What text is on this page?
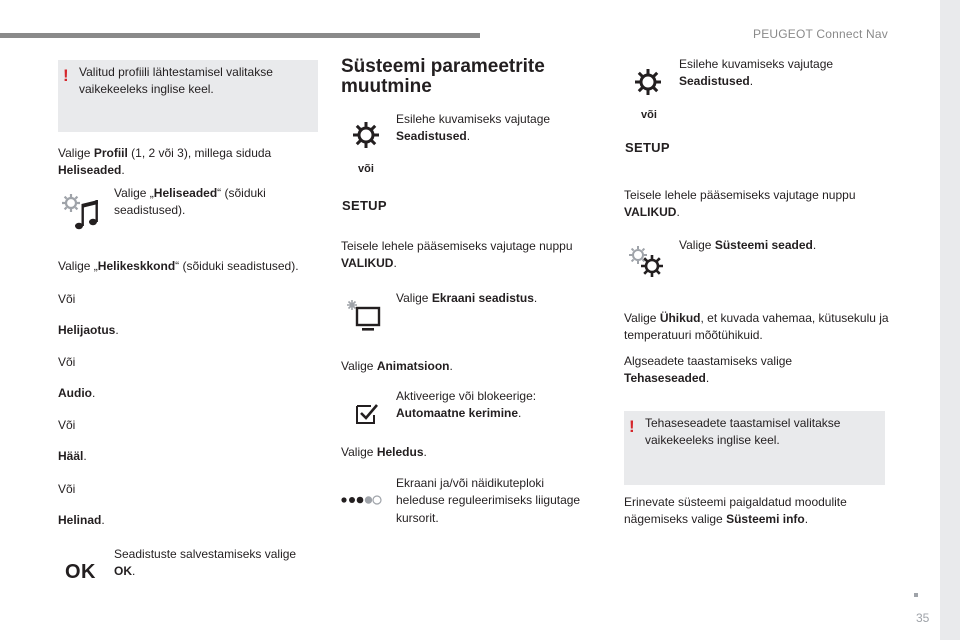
PEUGEOT Connect Nav
35
! Valitud profiili lähtestamisel valitakse vaikekeeleks inglise keel.

Valige Profiil (1, 2 või 3), millega siduda Heliseaded.

Valige „Heliseaded“ (sõiduki seadistused).

Valige „Helikeskkond“ (sõiduki seadistused).

Või

Helijaotus.

Või

Audio.

Või

Hääl.

Või

Helinad.

OK

Seadistuste salvestamiseks valige OK.

Süsteemi parameetrite muutmine

Esilehe kuvamiseks vajutage Seadistused.

või

SETUP

Teisele lehele pääsemiseks vajutage nuppu VALIKUD.

Valige Ekraani seadistus.

Valige Animatsioon.

Aktiveerige või blokeerige: Automaatne kerimine.

Valige Heledus.

Ekraani ja/või näidikuteploki heleduse reguleerimiseks liigutage kursorit.

Esilehe kuvamiseks vajutage Seadistused.

või

SETUP

Teisele lehele pääsemiseks vajutage nuppu VALIKUD.

Valige Süsteemi seaded.

Valige Ühikud, et kuvada vahemaa, kütusekulu ja temperatuuri mõõtühikuid.

Algseadete taastamiseks valige Tehaseseaded.

! Tehaseseadete taastamisel valitakse vaikekeeleks inglise keel.

Erinevate süsteemi paigaldatud moodulite nägemiseks valige Süsteemi info.
